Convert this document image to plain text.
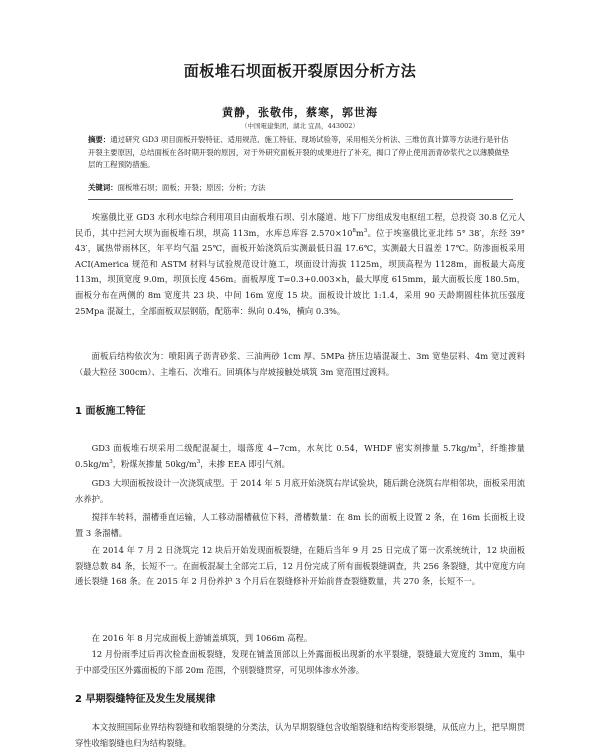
面板堆石坝面板开裂原因分析方法
黄静，张敬伟，蔡寒，郭世海
（中国電建集团，湖北 宜昌，443002）
摘要：通过研究 GD3 项目面板开裂特征、适用规范、施工特征、现场试验等，采用相关分析法、三维仿真计算等方法进行是针估开裂主要原因，总结面板在各时期开裂的原因，对于外研究面板开裂的成果进行了补充，揭口了停止使用沥青砂浆代之以薄膜做垫层的工程预防措施。
关键词：面板堆石坝；面板；开裂；原因；分析；方法
埃塞俄比亚 GD3 水利水电综合利用项目由面板堆石坝、引水隧道、地下厂房组成发电枢纽工程，总投资 30.8 亿元人民币，其中拦河大坝为面板堆石坝，坝高 113m，水库总库容 $2.570\times 10^8m^3$。位于埃塞俄比亚北纬 5° 38′，东经 39° 43′，属热带雨林区，年平均气温 25℃，面板开始浇筑后实测最低日温 17.6℃，实测最大日温差 17℃。防渗面板采用 ACI(America 规范和 ASTM 材料与试验规范设计施工，坝面设计海拔 1125m，坝顶高程为 1128m，面板最大高度 113m，坝顶宽度 9.0m，坝顶长度 456m。面板厚度 T=0.3+0.003×h，最大厚度 615mm，最大面板长度 180.5m，面板分布在两侧的 8m 宽度共 23 块、中间 16m 宽度 15 块。面板设计坡比 1:1.4，采用 90 天龄期圆柱体抗压强度 25Mpa 混凝土，全部面板双层钢筋，配筋率：纵向 0.4%，横向 0.3%。
面板后结构依次为：喷阳离子沥青砂浆、三油两砂 1cm 厚、5MPa 挤压边墙混凝土、3m 宽垫层料、4m 宽过渡料（最大粒径 300cm）、主堆石、次堆石。回填体与岸坡接触处填筑 3m 宽范围过渡料。
1 面板施工特征
GD3 面板堆石坝采用二级配混凝土，塌落度 4~7cm，水灰比 0.54，WHDF 密实剂掺量 $5.7kg/m^3$，纤维掺量 $0.5kg/m^3$，粉煤灰掺量 $50kg/m^3$，未掺 EEA 即引气剂。
GD3 大坝面板按设计一次浇筑成型。于 2014 年 5 月底开始浇筑右岸试验块，随后跳仓浇筑右岸相邻块，面板采用流水养护。
搅拌车转料，溜槽垂直运输，人工移动溜槽截位下料，滑槽数量：在 8m 长的面板上设置 2 条，在 16m 长面板上设置 3 条溜槽。
在 2014 年 7 月 2 日浇筑完 12 块后开始发现面板裂缝，在随后当年 9 月 25 日完成了第一次系统统计，12 块面板裂缝总数 84 条，长短不一。在面板混凝土全部完工后，12 月份完成了所有面板裂缝调查，共 256 条裂缝，其中宽度方向通长裂缝 168 条。在 2015 年 2 月份养护 3 个月后在裂缝修补开始前普查裂缝数量，共 270 条，长短不一。
在 2016 年 8 月完成面板上游铺盖填筑，到 1066m 高程。
12 月份雨季过后再次检查面板裂缝，发现在铺盖顶部以上外露面板出现新的水平裂缝，裂缝最大宽度约 3mm，集中于中部受压区外露面板的下部 20m 范围，个别裂缝贯穿，可见坝体渗水外渗。
2 早期裂缝特征及发生发展规律
本文按照国际业界结构裂缝和收缩裂缝的分类法，认为早期裂缝包含收缩裂缝和结构变形裂缝，从低应力上，把早期贯穿性收缩裂缝也归为结构裂缝。
